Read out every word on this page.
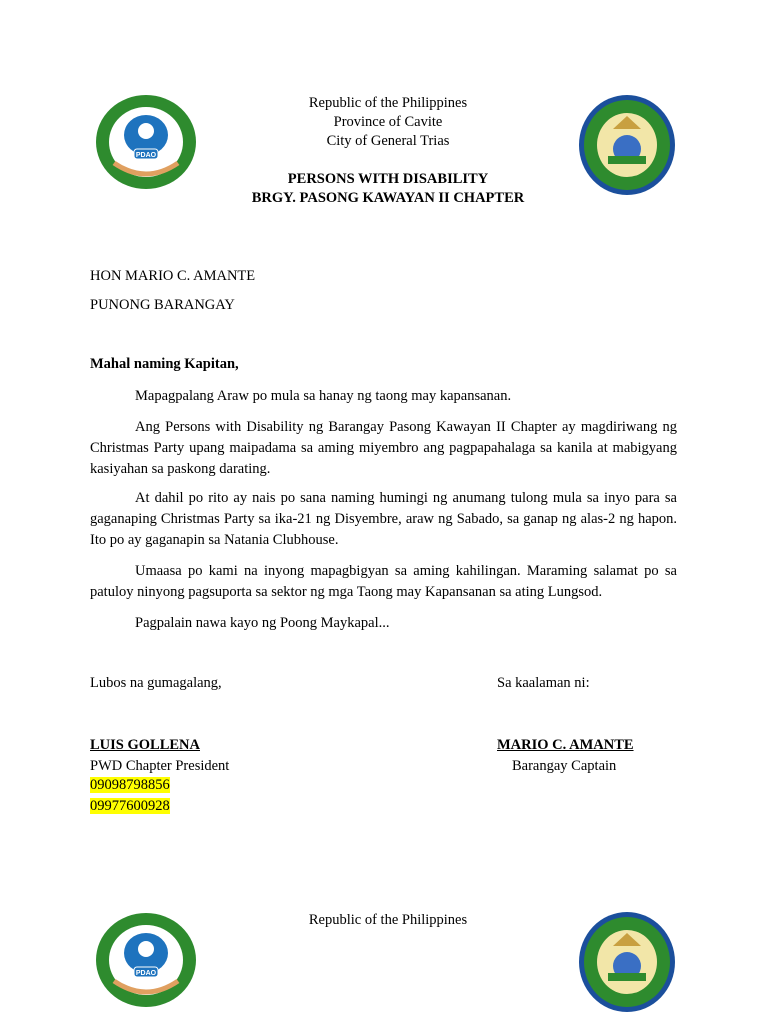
PDAO
Republic of the Philippines
Province of Cavite
City of General Trias
PERSONS WITH DISABILITY
BRGY. PASONG KAWAYAN II CHAPTER
HON MARIO C. AMANTE
PUNONG BARANGAY
Mahal naming Kapitan,
Mapagpalang Araw po mula sa hanay ng taong may kapansanan.
Ang Persons with Disability ng Barangay Pasong Kawayan II Chapter ay magdiriwang ng Christmas Party upang maipadama sa aming miyembro ang pagpapahalaga sa kanila at mabigyang kasiyahan sa paskong darating.
At dahil po rito ay nais po sana naming humingi ng anumang tulong mula sa inyo para sa gaganaping Christmas Party sa ika-21 ng Disyembre, araw ng Sabado, sa ganap ng alas-2 ng hapon. Ito po ay gaganapin sa Natania Clubhouse.
Umaasa po kami na inyong mapagbigyan sa aming kahilingan. Maraming salamat po sa patuloy ninyong pagsuporta sa sektor ng mga Taong may Kapansanan sa ating Lungsod.
Pagpalain nawa kayo ng Poong Maykapal...
Lubos na gumagalang,	Sa kaalaman ni:
LUIS GOLLENA
PWD Chapter President
09098798856
09977600928
MARIO C. AMANTE
Barangay Captain
PDAO
Republic of the Philippines
